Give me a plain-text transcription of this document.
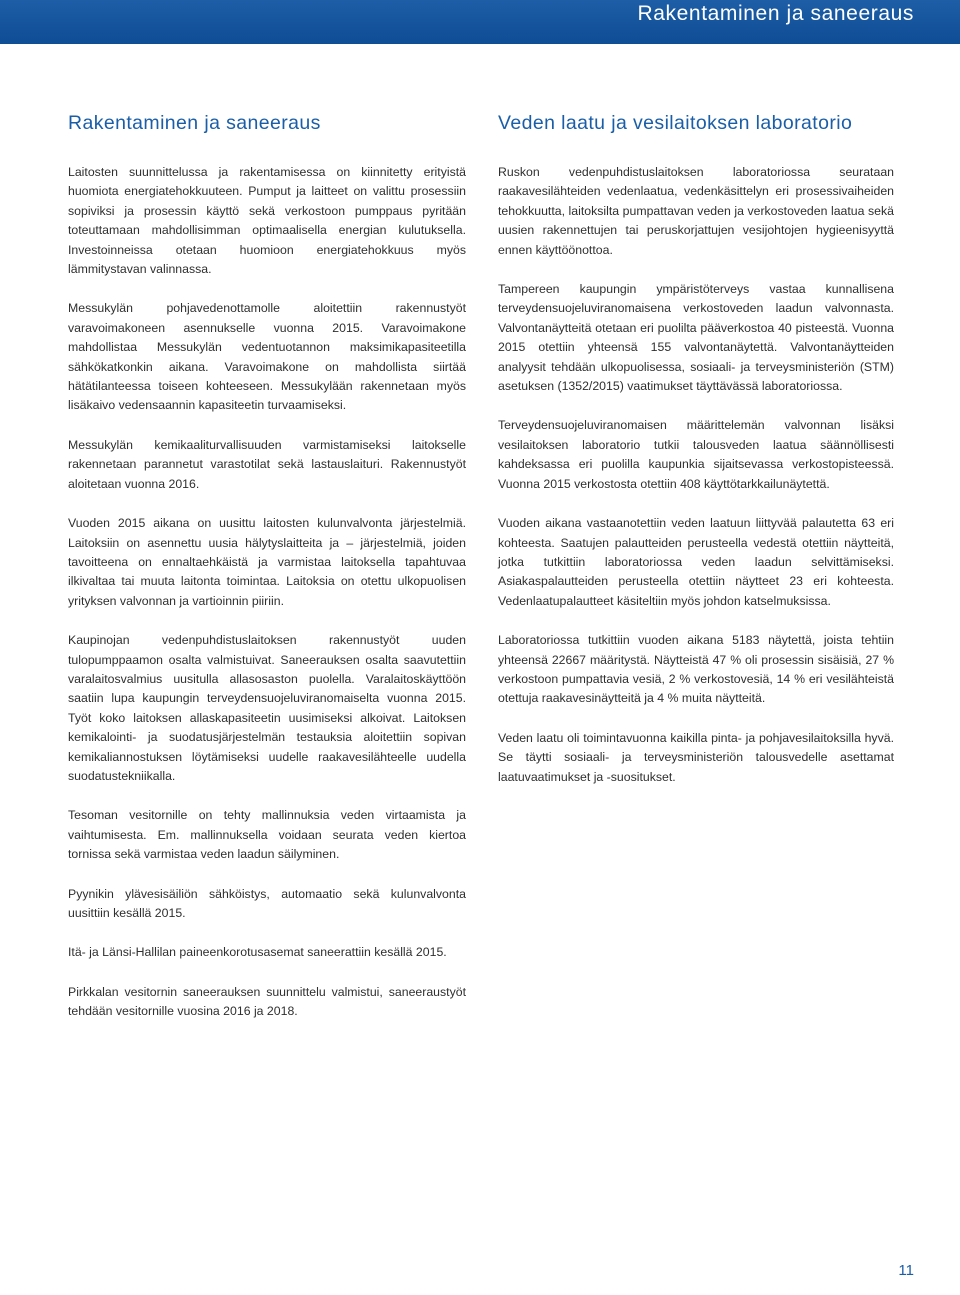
Rakentaminen ja saneeraus
Rakentaminen ja saneeraus

Laitosten suunnittelussa ja rakentamisessa on kiinnitetty erityistä huomiota energiatehokkuuteen. Pumput ja laitteet on valittu prosessiin sopiviksi ja prosessin käyttö sekä verkostoon pumppaus pyritään toteuttamaan mahdollisimman optimaalisella energian kulutuksella. Investoinneissa otetaan huomioon energiatehokkuus myös lämmitystavan valinnassa.

Messukylän pohjavedenottamolle aloitettiin rakennustyöt varavoimakoneen asennukselle vuonna 2015. Varavoimakone mahdollistaa Messukylän vedentuotannon maksimikapasiteetilla sähkökatkonkin aikana. Varavoimakone on mahdollista siirtää hätätilanteessa toiseen kohteeseen. Messukylään rakennetaan myös lisäkaivo vedensaannin kapasiteetin turvaamiseksi.

Messukylän kemikaaliturvallisuuden varmistamiseksi laitokselle rakennetaan parannetut varastotilat sekä lastauslaituri. Rakennustyöt aloitetaan vuonna 2016.

Vuoden 2015 aikana on uusittu laitosten kulunvalvonta järjestelmiä. Laitoksiin on asennettu uusia hälytyslaitteita ja – järjestelmiä, joiden tavoitteena on ennaltaehkäistä ja varmistaa laitoksella tapahtuvaa ilkivaltaa tai muuta laitonta toimintaa. Laitoksia on otettu ulkopuolisen yrityksen valvonnan ja vartioinnin piiriin.

Kaupinojan vedenpuhdistuslaitoksen rakennustyöt uuden tulopumppaamon osalta valmistuivat. Saneerauksen osalta saavutettiin varalaitosvalmius uusitulla allasosaston puolella. Varalaitoskäyttöön saatiin lupa kaupungin terveydensuojeluviranomaiselta vuonna 2015. Työt koko laitoksen allaskapasiteetin uusimiseksi alkoivat. Laitoksen kemikalointi- ja suodatusjärjestelmän testauksia aloitettiin sopivan kemikaliannostuksen löytämiseksi uudelle raakavesilähteelle uudella suodatustekniikalla.

Tesoman vesitornille on tehty mallinnuksia veden virtaamista ja vaihtumisesta. Em. mallinnuksella voidaan seurata veden kiertoa tornissa sekä varmistaa veden laadun säilyminen.

Pyynikin ylävesisäiliön sähköistys, automaatio sekä kulunvalvonta uusittiin kesällä 2015.

Itä- ja Länsi-Hallilan paineenkorotusasemat saneerattiin kesällä 2015.

Pirkkalan vesitornin saneerauksen suunnittelu valmistui, saneeraustyöt tehdään vesitornille vuosina 2016 ja 2018.

Veden laatu ja vesilaitoksen laboratorio

Ruskon vedenpuhdistuslaitoksen laboratoriossa seurataan raakavesilähteiden vedenlaatua, vedenkäsittelyn eri prosessivaiheiden tehokkuutta, laitoksilta pumpattavan veden ja verkostoveden laatua sekä uusien rakennettujen tai peruskorjattujen vesijohtojen hygieenisyyttä ennen käyttöönottoa.

Tampereen kaupungin ympäristöterveys vastaa kunnallisena terveydensuojeluviranomaisena verkostoveden laadun valvonnasta. Valvontanäytteitä otetaan eri puolilta pääverkostoa 40 pisteestä. Vuonna 2015 otettiin yhteensä 155 valvontanäytettä. Valvontanäytteiden analyysit tehdään ulkopuolisessa, sosiaali- ja terveysministeriön (STM) asetuksen (1352/2015) vaatimukset täyttävässä laboratoriossa.

Terveydensuojeluviranomaisen määrittelemän valvonnan lisäksi vesilaitoksen laboratorio tutkii talousveden laatua säännöllisesti kahdeksassa eri puolilla kaupunkia sijaitsevassa verkostopisteessä. Vuonna 2015 verkostosta otettiin 408 käyttötarkkailunäytettä.

Vuoden aikana vastaanotettiin veden laatuun liittyvää palautetta 63 eri kohteesta. Saatujen palautteiden perusteella vedestä otettiin näytteitä, jotka tutkittiin laboratoriossa veden laadun selvittämiseksi. Asiakaspalautteiden perusteella otettiin näytteet 23 eri kohteesta. Vedenlaatupalautteet käsiteltiin myös johdon katselmuksissa.

Laboratoriossa tutkittiin vuoden aikana 5183 näytettä, joista tehtiin yhteensä 22667 määritystä. Näytteistä 47 % oli prosessin sisäisiä, 27 % verkostoon pumpattavia vesiä, 2 % verkostovesiä, 14 % eri vesilähteistä otettuja raakavesinäytteitä ja 4 % muita näytteitä.

Veden laatu oli toimintavuonna kaikilla pinta- ja pohjavesilaitoksilla hyvä. Se täytti sosiaali- ja terveysministeriön talousvedelle asettamat laatuvaatimukset ja -suositukset.

11
